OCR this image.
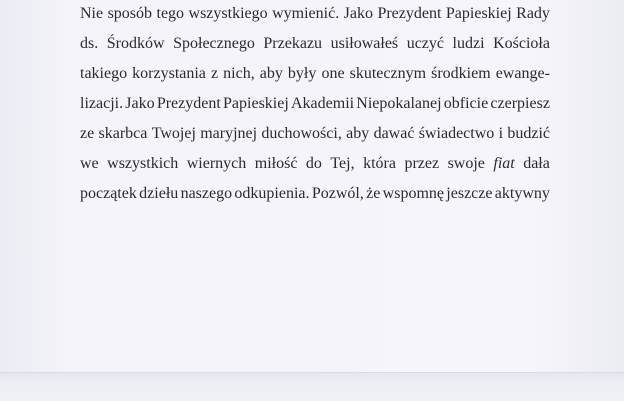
Nie sposób tego wszystkiego wymienić. Jako Prezydent Papieskiej Rady
ds. Środków Społecznego Przekazu usiłowałeś uczyć ludzi Kościoła
takiego korzystania z nich, aby były one skutecznym środkiem ewange-
lizacji. Jako Prezydent Papieskiej Akademii Niepokalanej obficie czerpiesz
ze skarbca Twojej maryjnej duchowości, aby dawać świadectwo i budzić
we wszystkich wiernych miłość do Tej, która przez swoje fiat dała
początek dziełu naszego odkupienia. Pozwól, że wspomnę jeszcze aktywny
